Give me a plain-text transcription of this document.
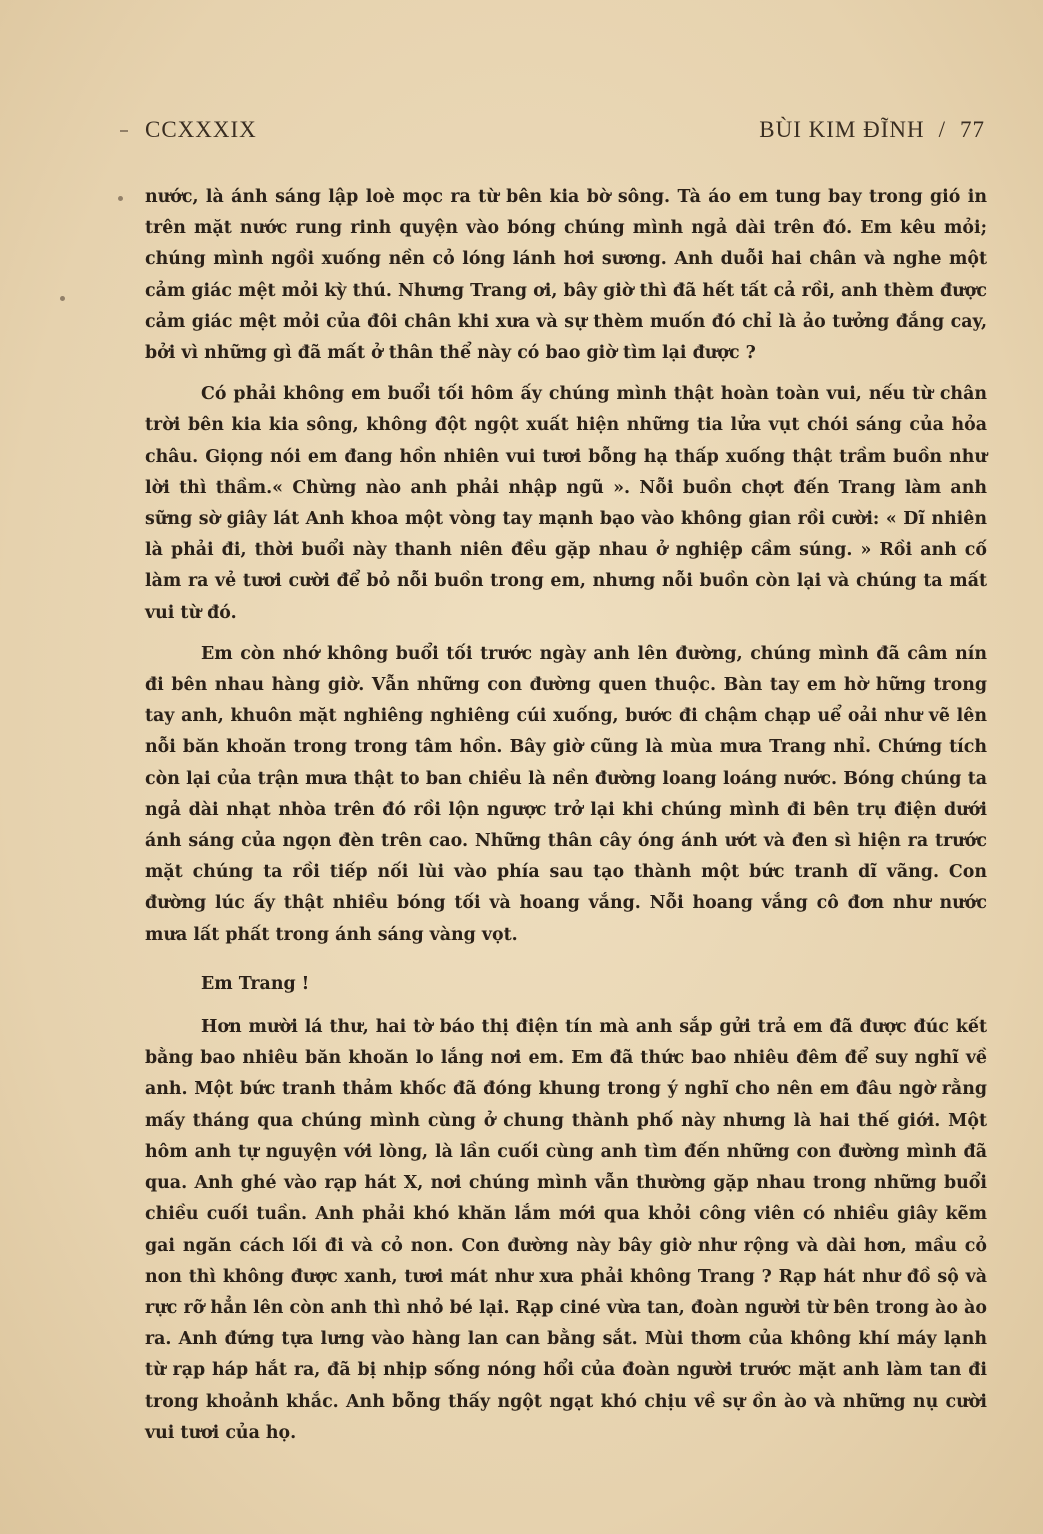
CCXXXIX	BÙI KIM ĐĨNH / 77

nước, là ánh sáng lập loè mọc ra từ bên kia bờ sông. Tà áo em tung bay trong gió in trên mặt nước rung rinh quyện vào bóng chúng mình ngả dài trên đó. Em kêu mỏi; chúng mình ngồi xuống nền cỏ lóng lánh hơi sương. Anh duỗi hai chân và nghe một cảm giác mệt mỏi kỳ thú. Nhưng Trang ơi, bây giờ thì đã hết tất cả rồi, anh thèm được cảm giác mệt mỏi của đôi chân khi xưa và sự thèm muốn đó chỉ là ảo tưởng đắng cay, bởi vì những gì đã mất ở thân thể này có bao giờ tìm lại được ?

Có phải không em buổi tối hôm ấy chúng mình thật hoàn toàn vui, nếu từ chân trời bên kia kia sông, không đột ngột xuất hiện những tia lửa vụt chói sáng của hỏa châu. Giọng nói em đang hồn nhiên vui tươi bỗng hạ thấp xuống thật trầm buồn như lời thì thầm.« Chừng nào anh phải nhập ngũ ». Nỗi buồn chợt đến Trang làm anh sững sờ giây lát Anh khoa một vòng tay mạnh bạo vào không gian rồi cười: « Dĩ nhiên là phải đi, thời buổi này thanh niên đều gặp nhau ở nghiệp cầm súng. » Rồi anh cố làm ra vẻ tươi cười để bỏ nỗi buồn trong em, nhưng nỗi buồn còn lại và chúng ta mất vui từ đó.

Em còn nhớ không buổi tối trước ngày anh lên đường, chúng mình đã câm nín đi bên nhau hàng giờ. Vẫn những con đường quen thuộc. Bàn tay em hờ hững trong tay anh, khuôn mặt nghiêng nghiêng cúi xuống, bước đi chậm chạp uể oải như vẽ lên nỗi băn khoăn trong trong tâm hồn. Bây giờ cũng là mùa mưa Trang nhỉ. Chứng tích còn lại của trận mưa thật to ban chiều là nền đường loang loáng nước. Bóng chúng ta ngả dài nhạt nhòa trên đó rồi lộn ngược trở lại khi chúng mình đi bên trụ điện dưới ánh sáng của ngọn đèn trên cao. Những thân cây óng ánh ướt và đen sì hiện ra trước mặt chúng ta rồi tiếp nối lùi vào phía sau tạo thành một bức tranh dĩ vãng. Con đường lúc ấy thật nhiều bóng tối và hoang vắng. Nỗi hoang vắng cô đơn như nước mưa lất phất trong ánh sáng vàng vọt.

Em Trang !

Hơn mười lá thư, hai tờ báo thị điện tín mà anh sắp gửi trả em đã được đúc kết bằng bao nhiêu băn khoăn lo lắng nơi em. Em đã thức bao nhiêu đêm để suy nghĩ về anh. Một bức tranh thảm khốc đã đóng khung trong ý nghĩ cho nên em đâu ngờ rằng mấy tháng qua chúng mình cùng ở chung thành phố này nhưng là hai thế giới. Một hôm anh tự nguyện với lòng, là lần cuối cùng anh tìm đến những con đường mình đã qua. Anh ghé vào rạp hát X, nơi chúng mình vẫn thường gặp nhau trong những buổi chiều cuối tuần. Anh phải khó khăn lắm mới qua khỏi công viên có nhiều giây kẽm gai ngăn cách lối đi và cỏ non. Con đường này bây giờ như rộng và dài hơn, mầu cỏ non thì không được xanh, tươi mát như xưa phải không Trang ? Rạp hát như đồ sộ và rực rỡ hẳn lên còn anh thì nhỏ bé lại. Rạp ciné vừa tan, đoàn người từ bên trong ào ào ra. Anh đứng tựa lưng vào hàng lan can bằng sắt. Mùi thơm của không khí máy lạnh từ rạp háp hắt ra, đã bị nhịp sống nóng hổi của đoàn người trước mặt anh làm tan đi trong khoảnh khắc. Anh bỗng thấy ngột ngạt khó chịu về sự ồn ào và những nụ cười vui tươi của họ.
